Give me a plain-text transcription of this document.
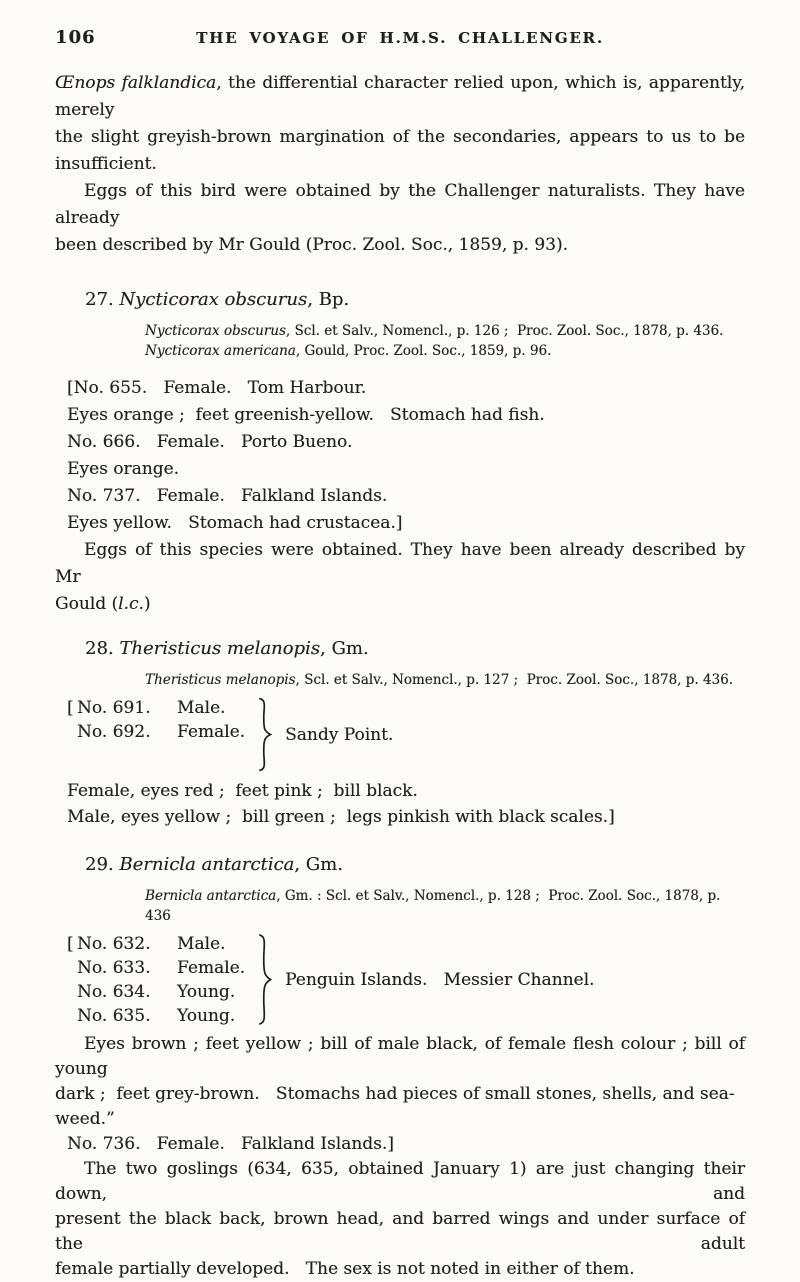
106	THE VOYAGE OF H.M.S. CHALLENGER.
Œnops falklandica, the differential character relied upon, which is, apparently, merely
the slight greyish-brown margination of the secondaries, appears to us to be insufficient.
Eggs of this bird were obtained by the Challenger naturalists. They have already
been described by Mr Gould (Proc. Zool. Soc., 1859, p. 93).
27. Nycticorax obscurus, Bp.
Nycticorax obscurus, Scl. et Salv., Nomencl., p. 126 ;  Proc. Zool. Soc., 1878, p. 436.
Nycticorax americana, Gould, Proc. Zool. Soc., 1859, p. 96.
[No. 655.   Female.   Tom Harbour.
Eyes orange ;  feet greenish-yellow.   Stomach had fish.
No. 666.   Female.   Porto Bueno.
Eyes orange.
No. 737.   Female.   Falkland Islands.
Eyes yellow.   Stomach had crustacea.]
Eggs of this species were obtained. They have been already described by Mr
Gould (l.c.)
28. Theristicus melanopis, Gm.
Theristicus melanopis, Scl. et Salv., Nomencl., p. 127 ;  Proc. Zool. Soc., 1878, p. 436.
[ No. 691. Male.
No. 692. Female. Sandy Point.
Female, eyes red ;  feet pink ;  bill black.
Male, eyes yellow ;  bill green ;  legs pinkish with black scales.]
29. Bernicla antarctica, Gm.
Bernicla antarctica, Gm. : Scl. et Salv., Nomencl., p. 128 ;  Proc. Zool. Soc., 1878, p. 436
[ No. 632. Male.
No. 633. Female.
No. 634. Young.
No. 635. Young.
Penguin Islands.   Messier Channel.
Eyes brown ; feet yellow ; bill of male black, of female flesh colour ; bill of young
dark ;  feet grey-brown.   Stomachs had pieces of small stones, shells, and sea-weed.”
No. 736.   Female.   Falkland Islands.]
The two goslings (634, 635, obtained January 1) are just changing their down, and
present the black back, brown head, and barred wings and under surface of the adult
female partially developed.   The sex is not noted in either of them.
